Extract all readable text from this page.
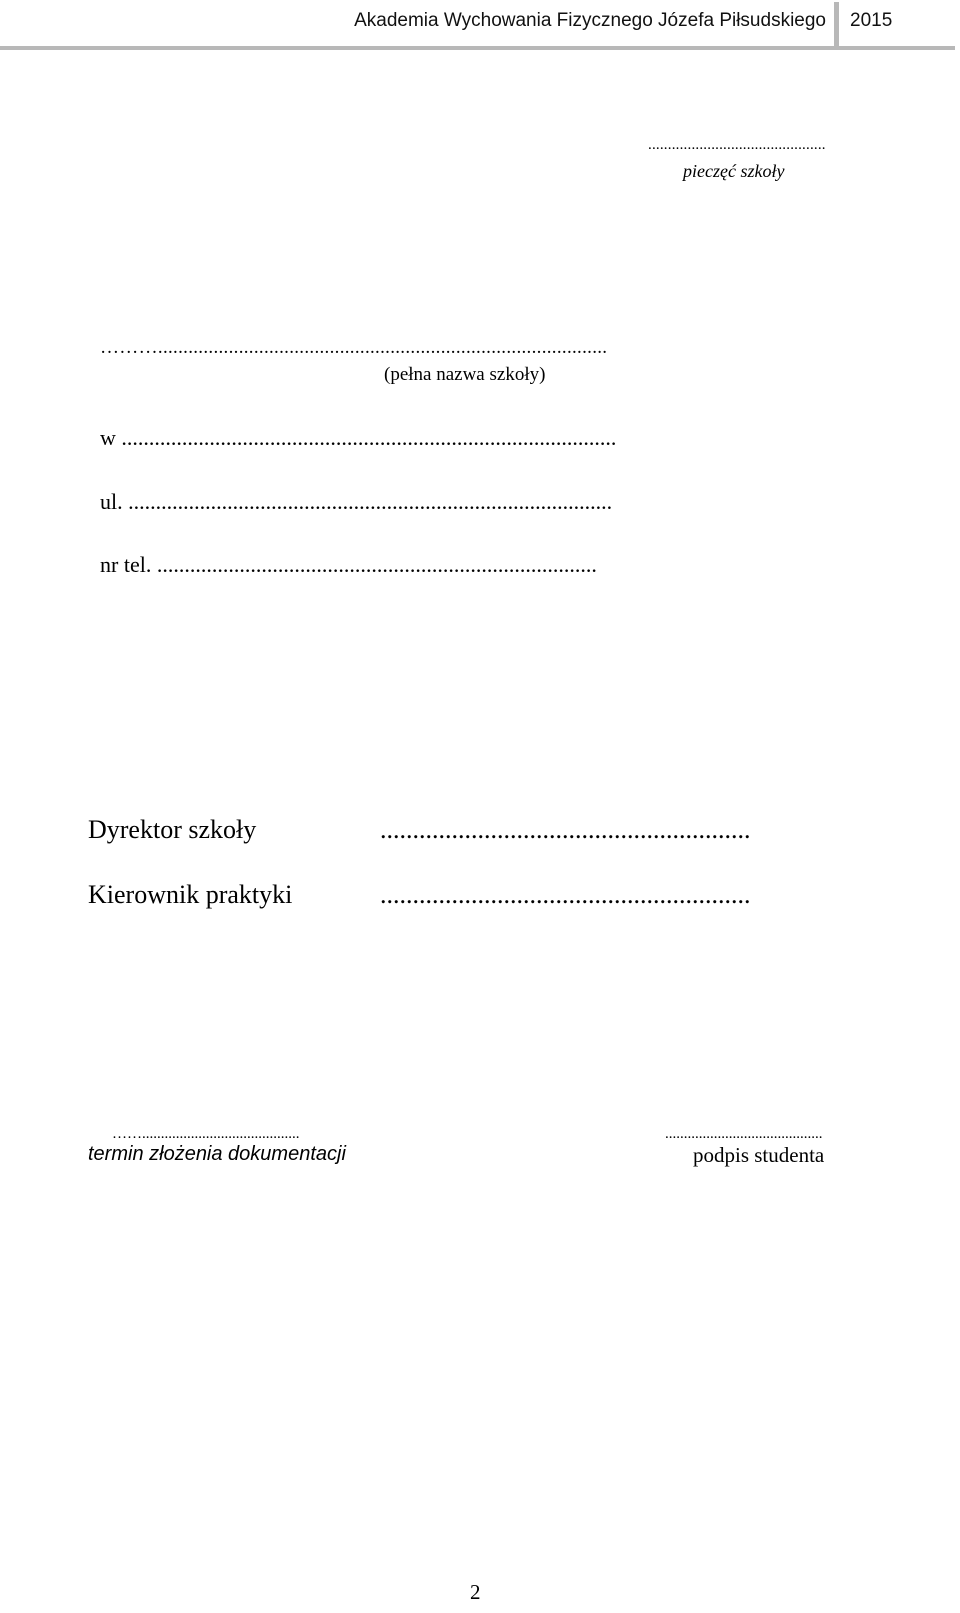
Akademia Wychowania Fizycznego Józefa Piłsudskiego 2015
.............................................
pieczęć szkoły
……….........................................................................................
(pełna nazwa szkoły)
w ..........................................................................................
ul. ........................................................................................
nr tel. ................................................................................
Dyrektor szkoły	.........................................................
Kierownik praktyki	.........................................................
……..........................................
termin złożenia dokumentacji
..........................................
podpis studenta
2
